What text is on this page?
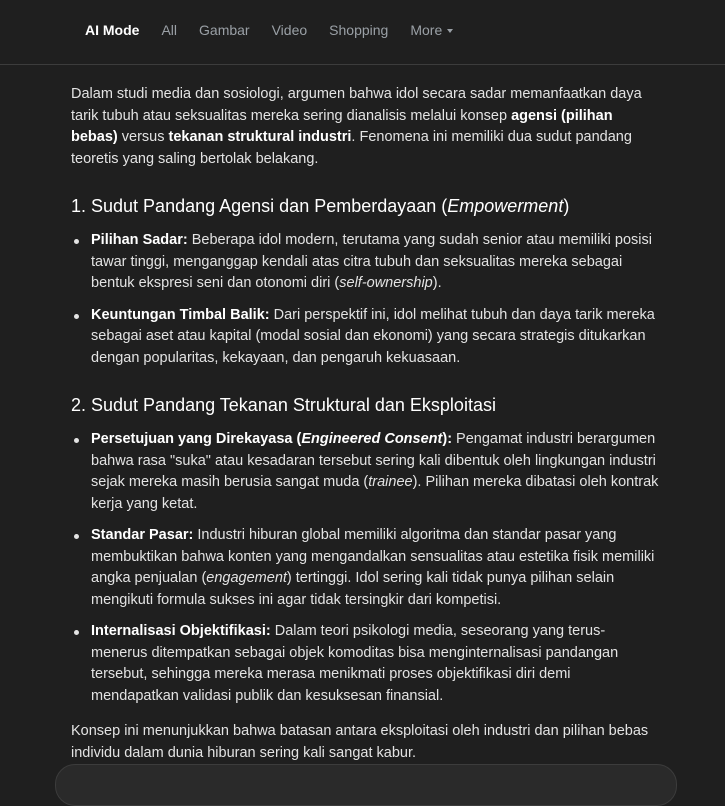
AI Mode All Gambar Video Shopping More

Dalam studi media dan sosiologi, argumen bahwa idol secara sadar memanfaatkan daya tarik tubuh atau seksualitas mereka sering dianalisis melalui konsep agensi (pilihan bebas) versus tekanan struktural industri. Fenomena ini memiliki dua sudut pandang teoretis yang saling bertolak belakang.

1. Sudut Pandang Agensi dan Pemberdayaan (Empowerment)
Pilihan Sadar: Beberapa idol modern, terutama yang sudah senior atau memiliki posisi tawar tinggi, menganggap kendali atas citra tubuh dan seksualitas mereka sebagai bentuk ekspresi seni dan otonomi diri (self-ownership).
Keuntungan Timbal Balik: Dari perspektif ini, idol melihat tubuh dan daya tarik mereka sebagai aset atau kapital (modal sosial dan ekonomi) yang secara strategis ditukarkan dengan popularitas, kekayaan, dan pengaruh kekuasaan.
2. Sudut Pandang Tekanan Struktural dan Eksploitasi
Persetujuan yang Direkayasa (Engineered Consent): Pengamat industri berargumen bahwa rasa "suka" atau kesadaran tersebut sering kali dibentuk oleh lingkungan industri sejak mereka masih berusia sangat muda (trainee). Pilihan mereka dibatasi oleh kontrak kerja yang ketat.
Standar Pasar: Industri hiburan global memiliki algoritma dan standar pasar yang membuktikan bahwa konten yang mengandalkan sensualitas atau estetika fisik memiliki angka penjualan (engagement) tertinggi. Idol sering kali tidak punya pilihan selain mengikuti formula sukses ini agar tidak tersingkir dari kompetisi.
Internalisasi Objektifikasi: Dalam teori psikologi media, seseorang yang terus-menerus ditempatkan sebagai objek komoditas bisa menginternalisasi pandangan tersebut, sehingga mereka merasa menikmati proses objektifikasi diri demi mendapatkan validasi publik dan kesuksesan finansial.

Konsep ini menunjukkan bahwa batasan antara eksploitasi oleh industri dan pilihan bebas individu dalam dunia hiburan sering kali sangat kabur.
